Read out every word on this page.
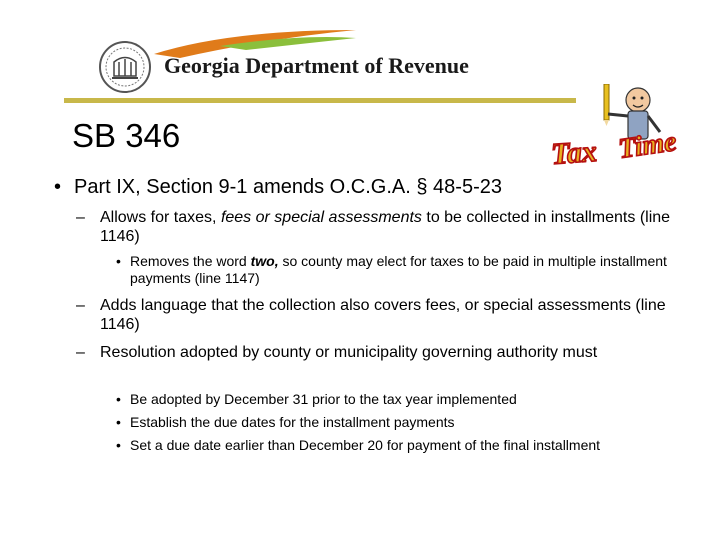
Georgia Department of Revenue
SB 346	Tax Time
• Part IX, Section 9-1 amends O.C.G.A. § 48-5-23
– Allows for taxes, fees or special assessments to be collected in installments (line 1146)
• Removes the word two, so county may elect for taxes to be paid in multiple installment payments (line 1147)
– Adds language that the collection also covers fees, or special assessments (line 1146)
– Resolution adopted by county or municipality governing authority must
• Be adopted by December 31 prior to the tax year implemented
• Establish the due dates for the installment payments
• Set a due date earlier than December 20 for payment of the final installment
